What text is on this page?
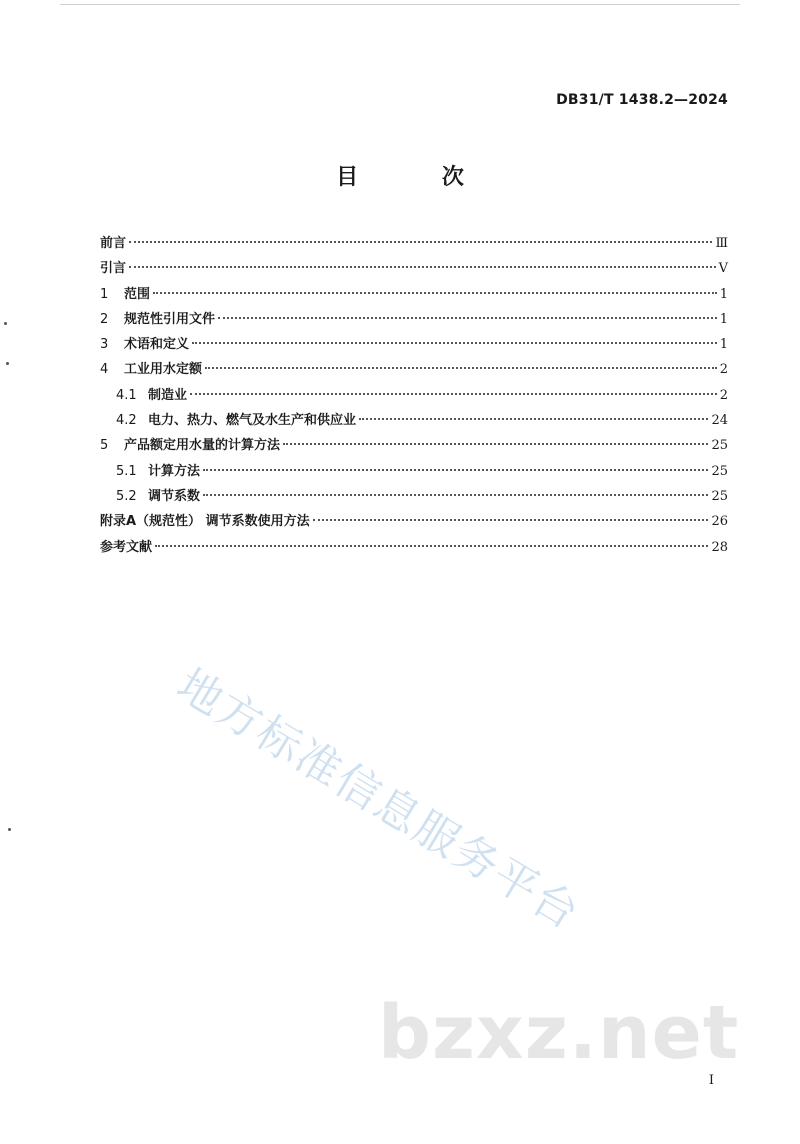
DB31/T 1438.2—2024
目 次
前言	Ⅲ
引言	Ⅴ
1	范围	1
2	规范性引用文件	1
3	术语和定义	1
4	工业用水定额	2
4.1 制造业	2
4.2 电力、热力、燃气及水生产和供应业	24
5	产品额定用水量的计算方法	25
5.1 计算方法	25
5.2 调节系数	25
附录A（规范性） 调节系数使用方法	26
参考文献	28
地方标准信息服务平台
bzxz.net
I
